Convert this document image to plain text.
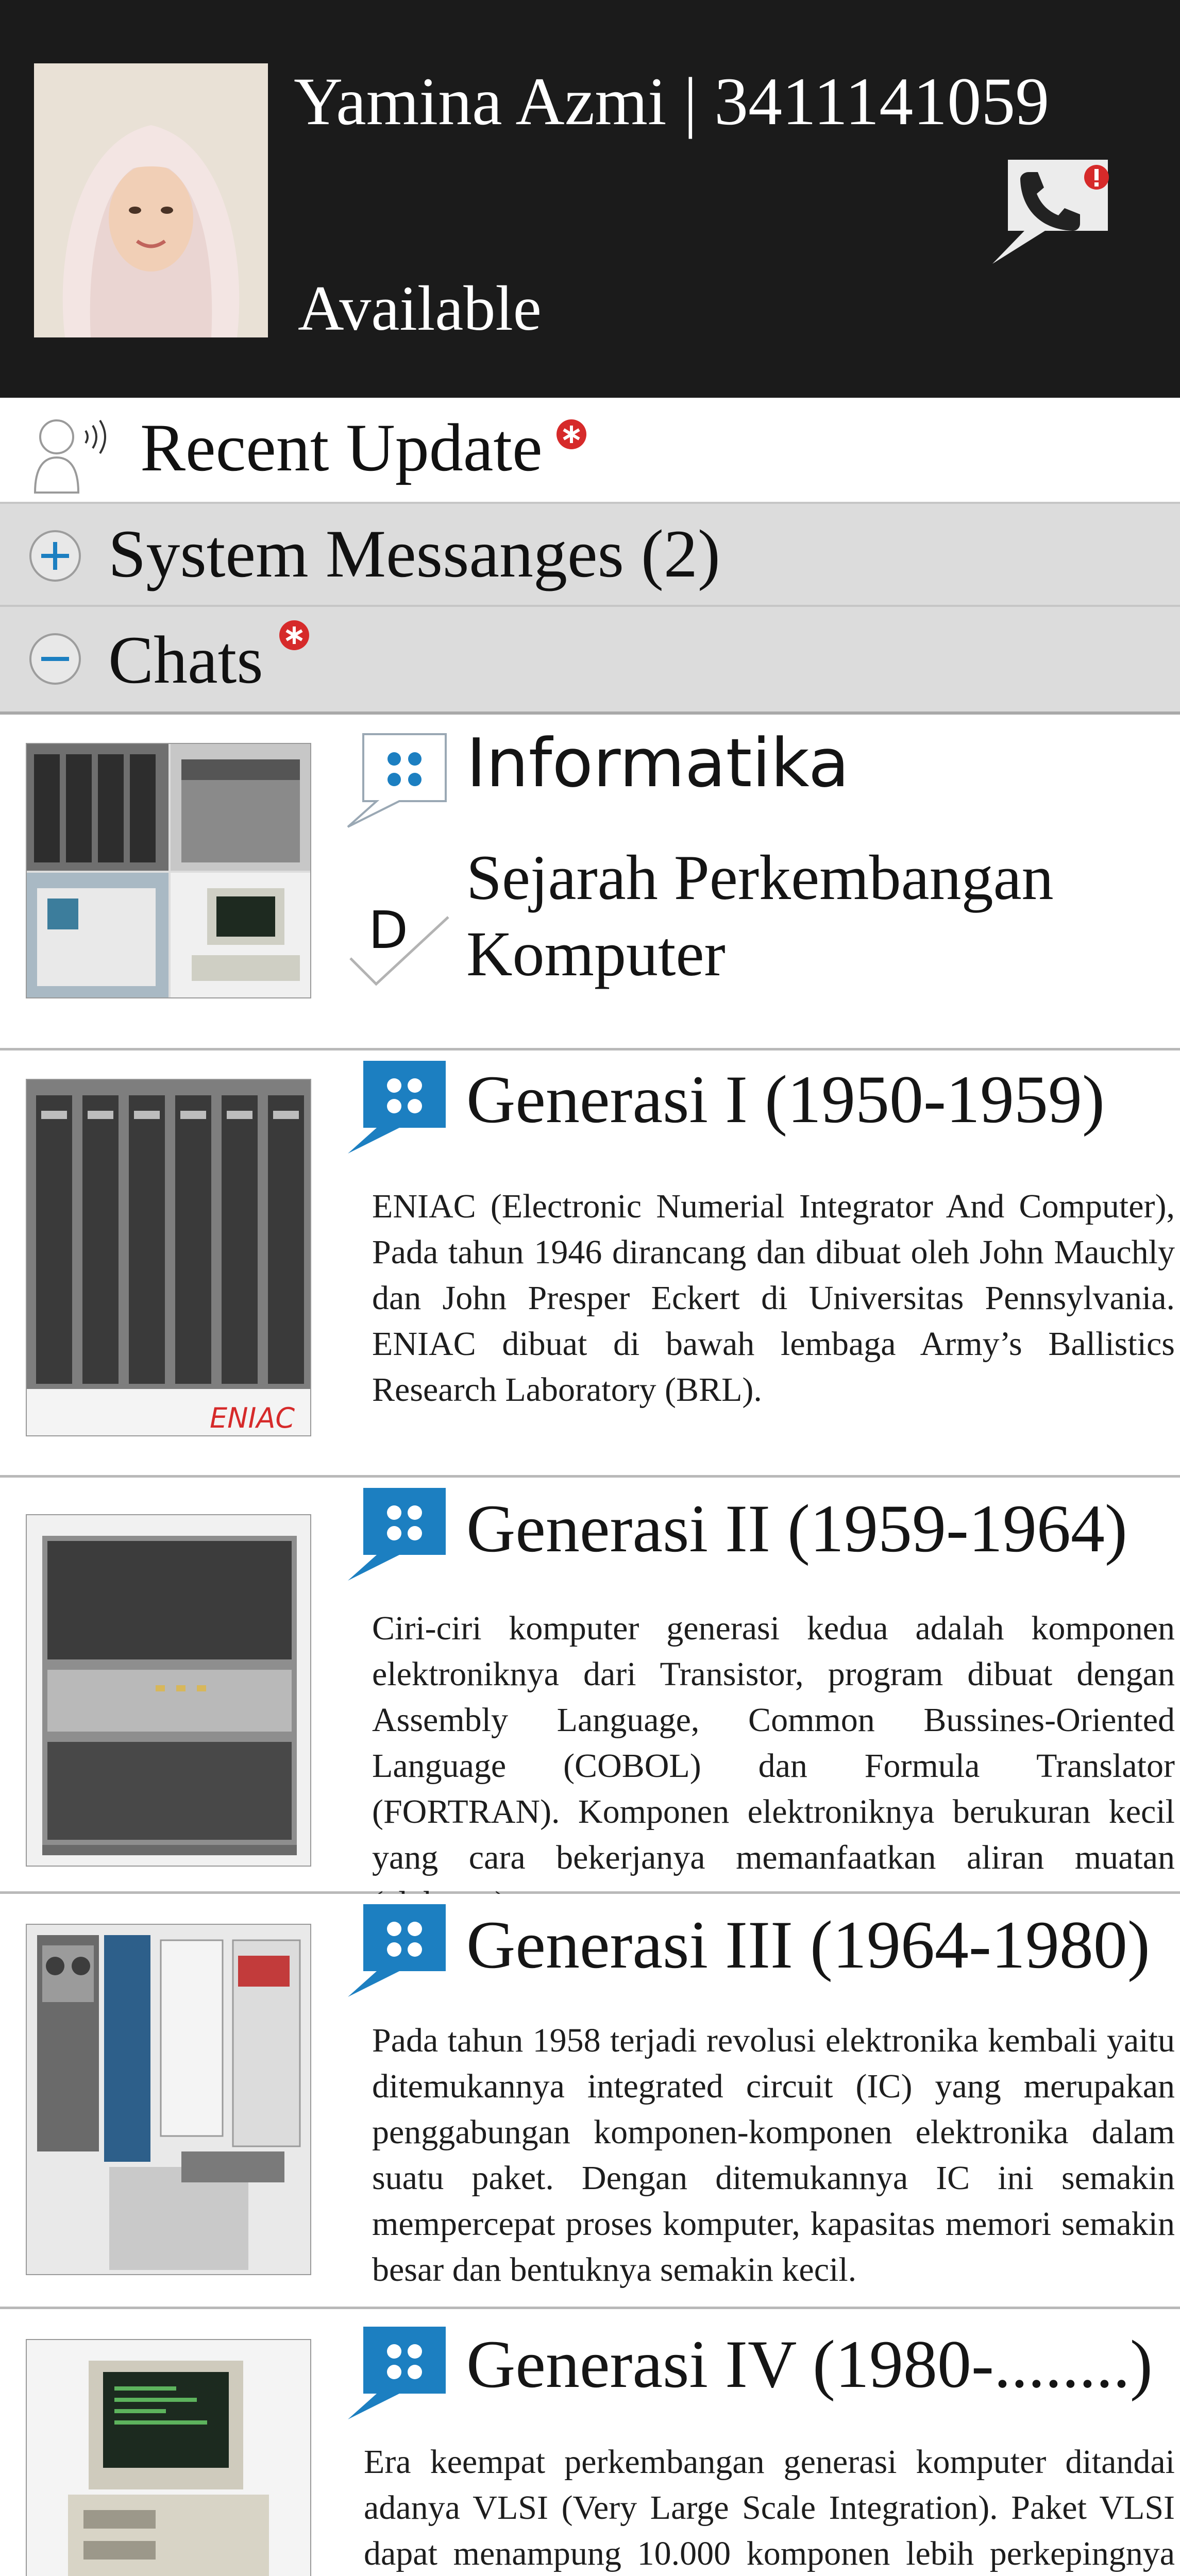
Yamina Azmi | 3411141059
Available
Recent Update
System Messanges (2)
Chats
Informatika
Sejarah Perkembangan Komputer
D
ENIAC
Generasi I (1950-1959)
ENIAC (Electronic Numerial Integrator And Computer), Pada tahun 1946 dirancang dan dibuat oleh John Mauchly dan John Presper Eckert di Universitas Pennsylvania. ENIAC dibuat di bawah lembaga Army’s Ballistics Research Laboratory (BRL).
Generasi II (1959-1964)
Ciri-ciri komputer generasi kedua adalah komponen elektroniknya dari Transistor, program dibuat dengan Assembly Language, Common Bussines-Oriented Language (COBOL) dan Formula Translator (FORTRAN). Komponen elektroniknya berukuran kecil yang cara bekerjanya memanfaatkan aliran muatan
Generasi III (1964-1980)
Pada tahun 1958 terjadi revolusi elektronika kembali yaitu ditemukannya integrated circuit (IC) yang merupakan penggabungan komponen-komponen elektronika dalam suatu paket. Dengan ditemukannya IC ini semakin mempercepat proses komputer, kapasitas memori semakin besar dan bentuknya semakin kecil.
Generasi IV (1980-........)
Era keempat perkembangan generasi komputer ditandai adanya VLSI (Very Large Scale Integration). Paket VLSI dapat menampung 10.000 komponen lebih perkepingnya
